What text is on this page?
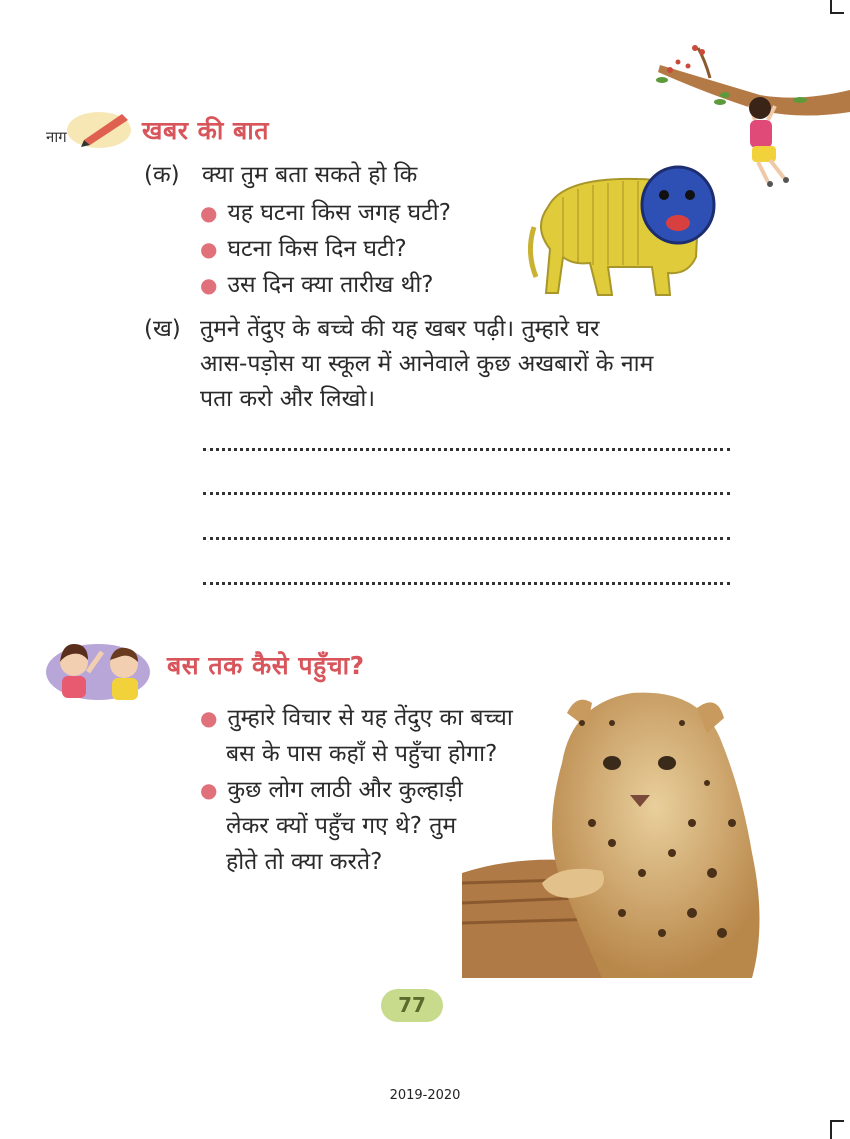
नाग	खबर की बात
(क) क्या तुम बता सकते हो कि
● यह घटना किस जगह घटी?
● घटना किस दिन घटी?
● उस दिन क्या तारीख थी?
(ख) तुमने तेंदुए के बच्चे की यह खबर पढ़ी। तुम्हारे घर
आस-पड़ोस या स्कूल में आनेवाले कुछ अखबारों के नाम
पता करो और लिखो।
बस तक कैसे पहुँचा?
● तुम्हारे विचार से यह तेंदुए का बच्चा
बस के पास कहाँ से पहुँचा होगा?
● कुछ लोग लाठी और कुल्हाड़ी
लेकर क्यों पहुँच गए थे? तुम
होते तो क्या करते?
77
2019-2020
